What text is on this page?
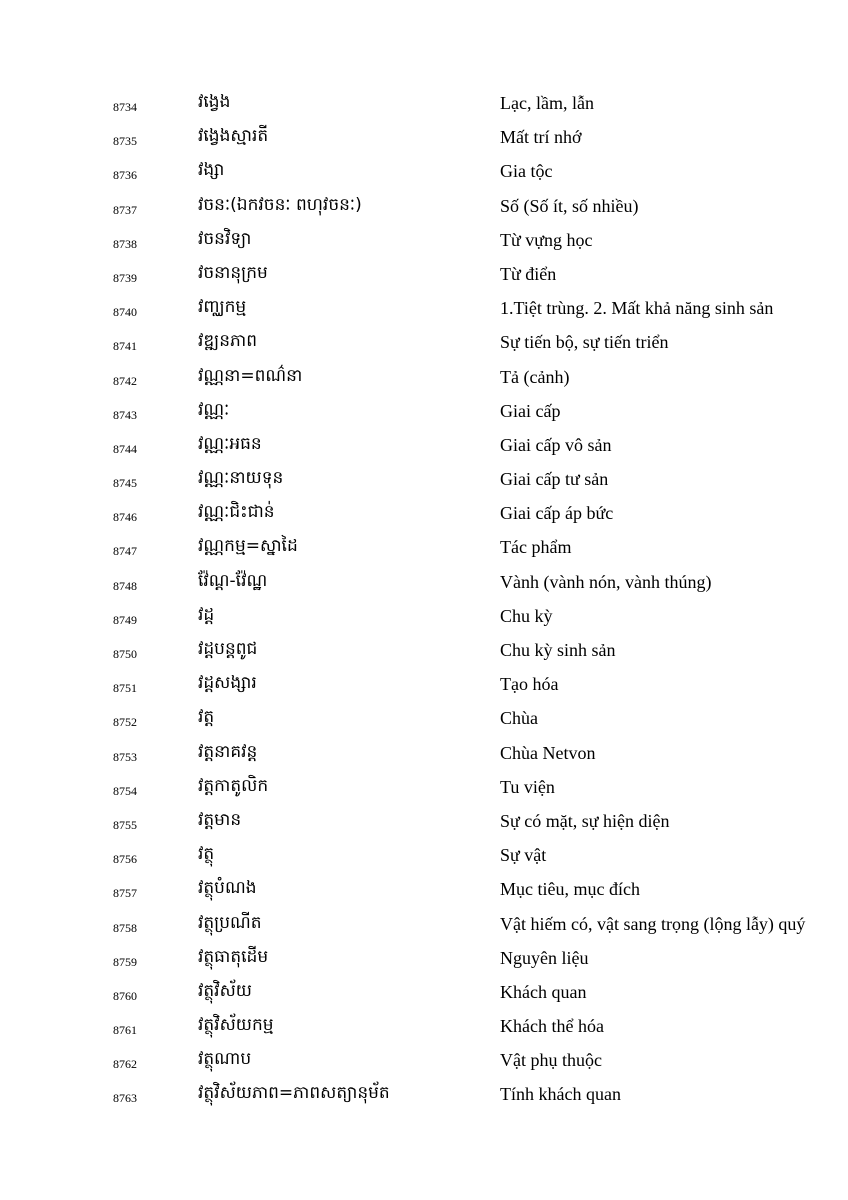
8734	វង្វេង	Lạc, lầm, lẫn
8735	វង្វេងស្មារតី	Mất trí nhớ
8736	វង្សា	Gia tộc
8737	វចនៈ(ឯកវចនៈ ពហុវចនៈ)	Số (Số ít, số nhiều)
8738	វចនវិទ្យា	Từ vựng học
8739	វចនានុក្រម	Từ điển
8740	វញ្ឈកម្ម	1.Tiệt trùng. 2. Mất khả năng sinh sản
8741	វឌ្ឍនភាព	Sự tiến bộ, sự tiến triển
8742	វណ្ណនា=ពណ៌នា	Tả (cảnh)
8743	វណ្ណៈ	Giai cấp
8744	វណ្ណៈអធន	Giai cấp vô sản
8745	វណ្ណៈនាយទុន	Giai cấp tư sản
8746	វណ្ណៈជិះជាន់	Giai cấp áp bức
8747	វណ្ណកម្ម=ស្នាដៃ	Tác phẩm
8748	វ៉ែណ្ត-វ៉ែណ្ឋ	Vành (vành nón, vành thúng)
8749	វដ្ត	Chu kỳ
8750	វដ្តបន្តពូជ	Chu kỳ sinh sản
8751	វដ្តសង្សារ	Tạo hóa
8752	វត្ត	Chùa
8753	វត្តនាគវន្ត	Chùa Netvon
8754	វត្តកាតូលិក	Tu viện
8755	វត្តមាន	Sự có mặt, sự hiện diện
8756	វត្ថុ	Sự vật
8757	វត្ថុបំណង	Mục tiêu, mục đích
8758	វត្ថុប្រណីត	Vật hiếm có, vật sang trọng (lộng lẫy) quý
8759	វត្ថុធាតុដើម	Nguyên liệu
8760	វត្ថុវិស័យ	Khách quan
8761	វត្ថុវិស័យកម្ម	Khách thể hóa
8762	វត្ថុណាប	Vật phụ thuộc
8763	វត្ថុវិស័យភាព=ភាពសត្យានុម័ត	Tính khách quan
